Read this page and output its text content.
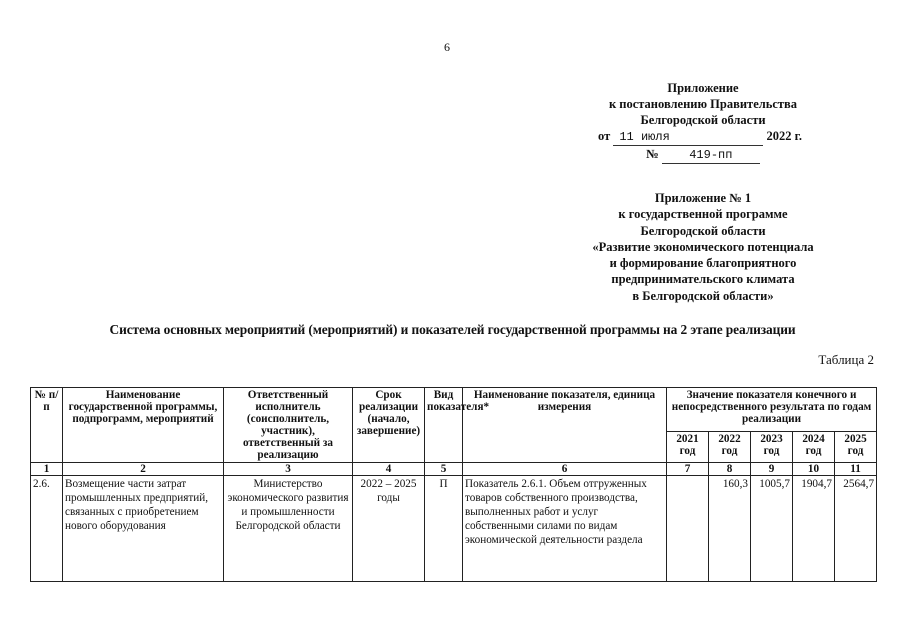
6
Приложение
к постановлению Правительства
Белгородской области
от 11 июля	2022 г.
№	419-пп
Приложение № 1
к государственной программе
Белгородской области
«Развитие экономического потенциала
и формирование благоприятного
предпринимательского климата
в Белгородской области»
Система основных мероприятий (мероприятий) и показателей государственной программы на 2 этапе реализации
Таблица 2
№ п/п	Наименование государственной программы, подпрограмм, мероприятий	Ответственный исполнитель (соисполнитель, участник), ответственный за реализацию	Срок реализации (начало, завершение)	Вид показателя*	Наименование показателя, единица измерения	Значение показателя конечного и непосредственного результата по годам реализации				
						2021 год	2022 год	2023 год	2024 год	2025 год
1	2	3	4	5	6	7	8	9	10	11
2.6.	Возмещение части затрат промышленных предприятий, связанных с приобретением нового оборудования	Министерство экономического развития и промышленности Белгородской области	2022 – 2025 годы	П	Показатель 2.6.1. Объем отгруженных товаров собственного производства, выполненных работ и услуг собственными силами по видам экономической деятельности раздела		160,3	1005,7	1904,7	2564,7
